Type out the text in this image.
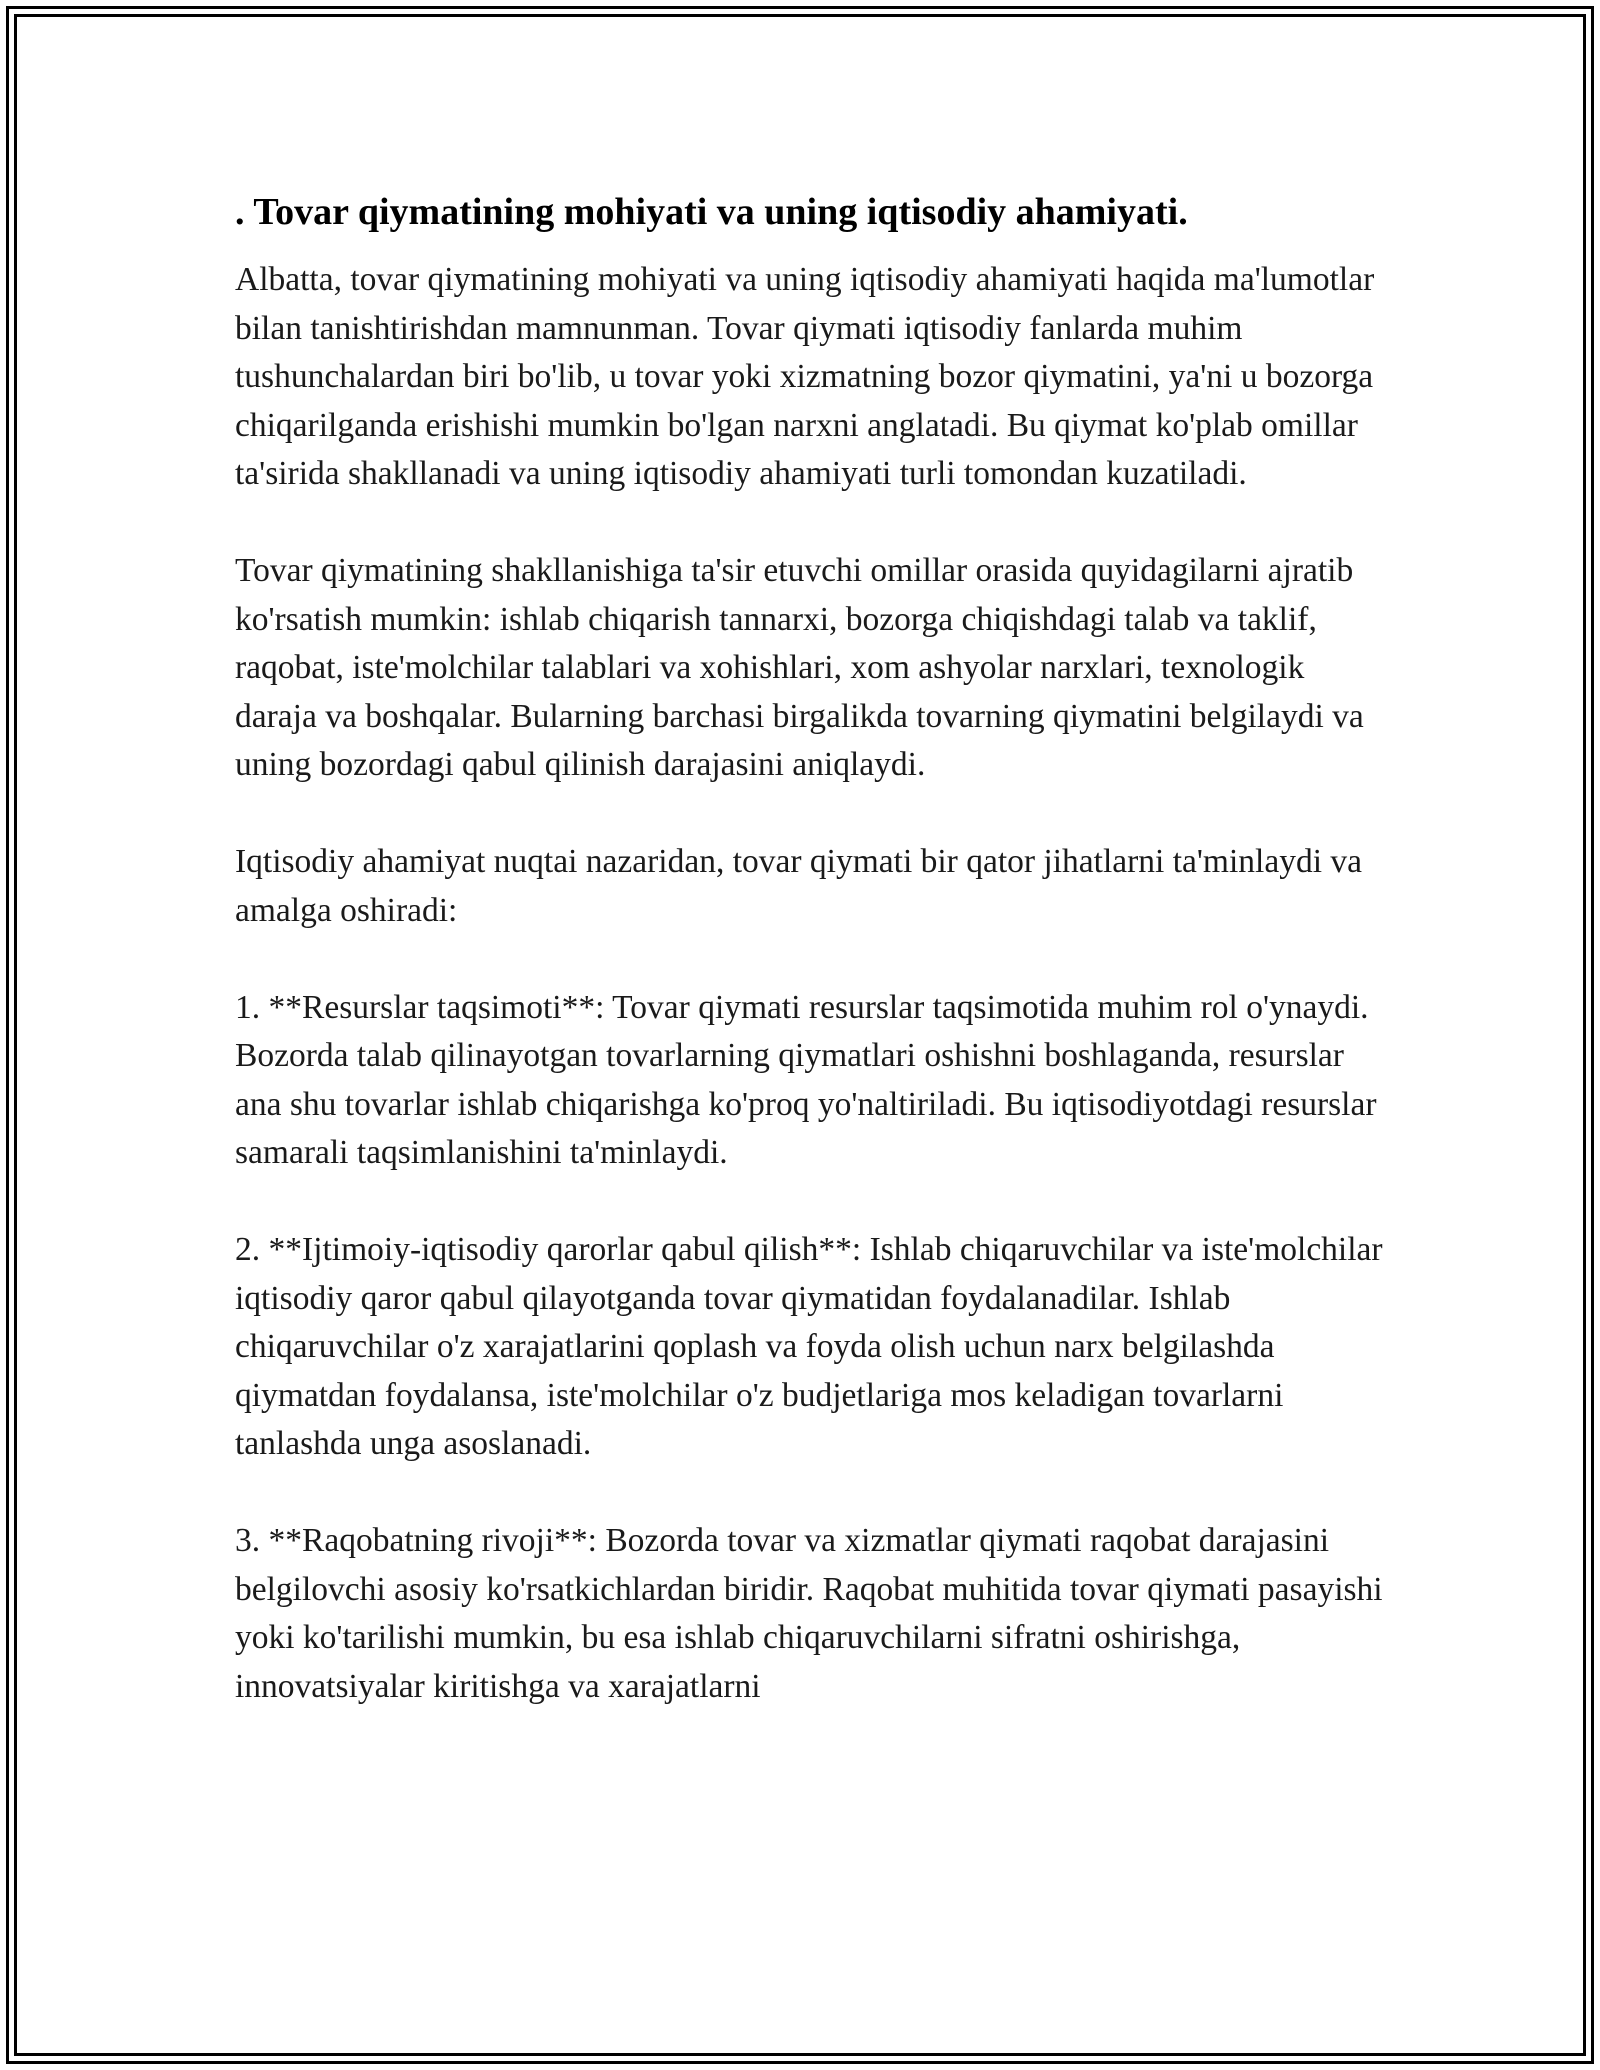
. Tovar qiymatining mohiyati va uning iqtisodiy ahamiyati.

Albatta, tovar qiymatining mohiyati va uning iqtisodiy ahamiyati haqida ma'lumotlar bilan tanishtirishdan mamnunman. Tovar qiymati iqtisodiy fanlarda muhim tushunchalardan biri bo'lib, u tovar yoki xizmatning bozor qiymatini, ya'ni u bozorga chiqarilganda erishishi mumkin bo'lgan narxni anglatadi. Bu qiymat ko'plab omillar ta'sirida shakllanadi va uning iqtisodiy ahamiyati turli tomondan kuzatiladi.

Tovar qiymatining shakllanishiga ta'sir etuvchi omillar orasida quyidagilarni ajratib ko'rsatish mumkin: ishlab chiqarish tannarxi, bozorga chiqishdagi talab va taklif, raqobat, iste'molchilar talablari va xohishlari, xom ashyolar narxlari, texnologik daraja va boshqalar. Bularning barchasi birgalikda tovarning qiymatini belgilaydi va uning bozordagi qabul qilinish darajasini aniqlaydi.

Iqtisodiy ahamiyat nuqtai nazaridan, tovar qiymati bir qator jihatlarni ta'minlaydi va amalga oshiradi:

1. **Resurslar taqsimoti**: Tovar qiymati resurslar taqsimotida muhim rol o'ynaydi. Bozorda talab qilinayotgan tovarlarning qiymatlari oshishni boshlaganda, resurslar ana shu tovarlar ishlab chiqarishga ko'proq yo'naltiriladi. Bu iqtisodiyotdagi resurslar samarali taqsimlanishini ta'minlaydi.

2. **Ijtimoiy-iqtisodiy qarorlar qabul qilish**: Ishlab chiqaruvchilar va iste'molchilar iqtisodiy qaror qabul qilayotganda tovar qiymatidan foydalanadilar. Ishlab chiqaruvchilar o'z xarajatlarini qoplash va foyda olish uchun narx belgilashda qiymatdan foydalansa, iste'molchilar o'z budjetlariga mos keladigan tovarlarni tanlashda unga asoslanadi.

3. **Raqobatning rivoji**: Bozorda tovar va xizmatlar qiymati raqobat darajasini belgilovchi asosiy ko'rsatkichlardan biridir. Raqobat muhitida tovar qiymati pasayishi yoki ko'tarilishi mumkin, bu esa ishlab chiqaruvchilarni sifratni oshirishga, innovatsiyalar kiritishga va xarajatlarni
